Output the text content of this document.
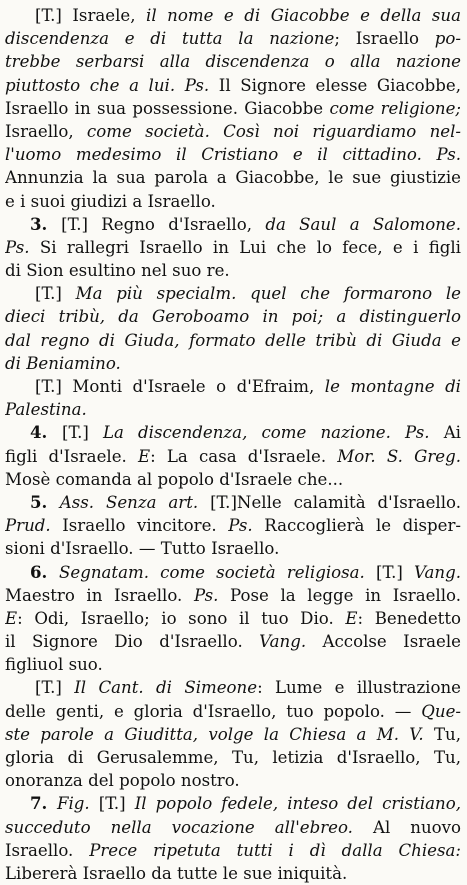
[T.] Israele, il nome e di Giacobbe e della sua
discendenza e di tutta la nazione; Israello po-
trebbe serbarsi alla discendenza o alla nazione
piuttosto che a lui. Ps. Il Signore elesse Giacobbe,
Israello in sua possessione. Giacobbe come religione;
Israello, come società. Così noi riguardiamo nel-
l'uomo medesimo il Cristiano e il cittadino. Ps.
Annunzia la sua parola a Giacobbe, le sue giustizie
e i suoi giudizi a Israello.
3. [T.] Regno d'Israello, da Saul a Salomone.
Ps. Si rallegri Israello in Lui che lo fece, e i figli
di Sion esultino nel suo re.
[T.] Ma più specialm. quel che formarono le
dieci tribù, da Geroboamo in poi; a distinguerlo
dal regno di Giuda, formato delle tribù di Giuda e
di Beniamino.
[T.] Monti d'Israele o d'Efraim, le montagne di
Palestina.
4. [T.] La discendenza, come nazione. Ps. Ai
figli d'Israele. E: La casa d'Israele. Mor. S. Greg.
Mosè comanda al popolo d'Israele che...
5. Ass. Senza art. [T.]Nelle calamità d'Israello.
Prud. Israello vincitore. Ps. Raccoglierà le disper-
sioni d'Israello. — Tutto Israello.
6. Segnatam. come società religiosa. [T.] Vang.
Maestro in Israello. Ps. Pose la legge in Israello.
E: Odi, Israello; io sono il tuo Dio. E: Benedetto
il Signore Dio d'Israello. Vang. Accolse Israele
figliuol suo.
[T.] Il Cant. di Simeone: Lume e illustrazione
delle genti, e gloria d'Israello, tuo popolo. — Que-
ste parole a Giuditta, volge la Chiesa a M. V. Tu,
gloria di Gerusalemme, Tu, letizia d'Israello, Tu,
onoranza del popolo nostro.
7. Fig. [T.] Il popolo fedele, inteso del cristiano,
succeduto nella vocazione all'ebreo. Al nuovo
Israello. Prece ripetuta tutti i dì dalla Chiesa:
Libererà Israello da tutte le sue iniquità.
